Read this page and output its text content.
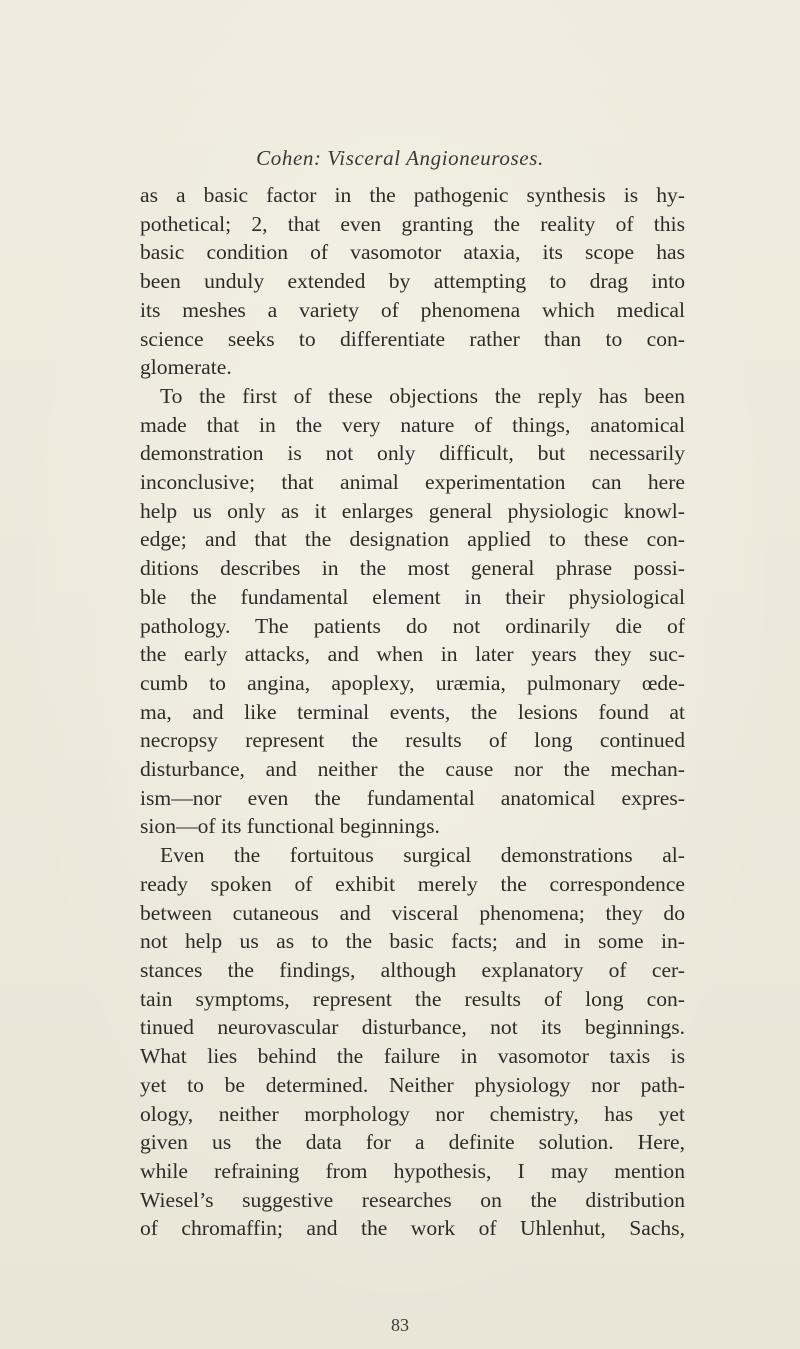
Cohen: Visceral Angioneuroses.
as a basic factor in the pathogenic synthesis is hy-
pothetical; 2, that even granting the reality of this
basic condition of vasomotor ataxia, its scope has
been unduly extended by attempting to drag into
its meshes a variety of phenomena which medical
science seeks to differentiate rather than to con-
glomerate.
To the first of these objections the reply has been
made that in the very nature of things, anatomical
demonstration is not only difficult, but necessarily
inconclusive; that animal experimentation can here
help us only as it enlarges general physiologic knowl-
edge; and that the designation applied to these con-
ditions describes in the most general phrase possi-
ble the fundamental element in their physiological
pathology. The patients do not ordinarily die of
the early attacks, and when in later years they suc-
cumb to angina, apoplexy, uræmia, pulmonary œde-
ma, and like terminal events, the lesions found at
necropsy represent the results of long continued
disturbance, and neither the cause nor the mechan-
ism—nor even the fundamental anatomical expres-
sion—of its functional beginnings.
Even the fortuitous surgical demonstrations al-
ready spoken of exhibit merely the correspondence
between cutaneous and visceral phenomena; they do
not help us as to the basic facts; and in some in-
stances the findings, although explanatory of cer-
tain symptoms, represent the results of long con-
tinued neurovascular disturbance, not its beginnings.
What lies behind the failure in vasomotor taxis is
yet to be determined. Neither physiology nor path-
ology, neither morphology nor chemistry, has yet
given us the data for a definite solution. Here,
while refraining from hypothesis, I may mention
Wiesel’s suggestive researches on the distribution
of chromaffin; and the work of Uhlenhut, Sachs,
83
